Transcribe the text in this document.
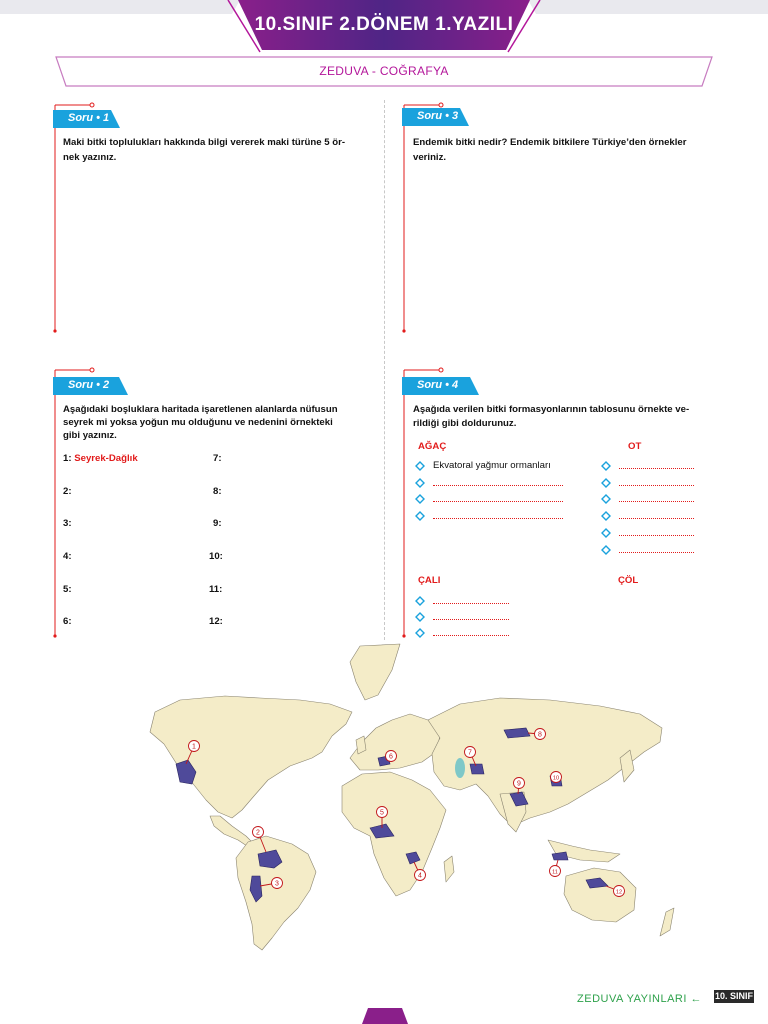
10.SINIF 2.DÖNEM 1.YAZILI
ZEDUVA - COĞRAFYA
Soru • 1
Maki bitki toplulukları hakkında bilgi vererek maki türüne 5 ör-
nek yazınız.
Soru • 3
Endemik bitki nedir? Endemik bitkilere Türkiye’den örnekler
veriniz.
Soru • 2
Aşağıdaki boşluklara haritada işaretlenen alanlarda nüfusun
seyrek mi yoksa yoğun mu olduğunu ve nedenini örnekteki
gibi yazınız.
1: Seyrek-Dağlık
2:
3:
4:
5:
6:
7:
8:
9:
10:
11:
12:
Soru • 4
Aşağıda verilen bitki formasyonlarının tablosunu örnekte ve-
rildiği gibi doldurunuz.
AĞAÇ	OT
ÇALI	ÇÖL
Ekvatoral yağmur ormanları
1
2
3
4
5
6
7
8
9
10
11
12
ZEDUVA YAYINLARI ← 10. SINIF
